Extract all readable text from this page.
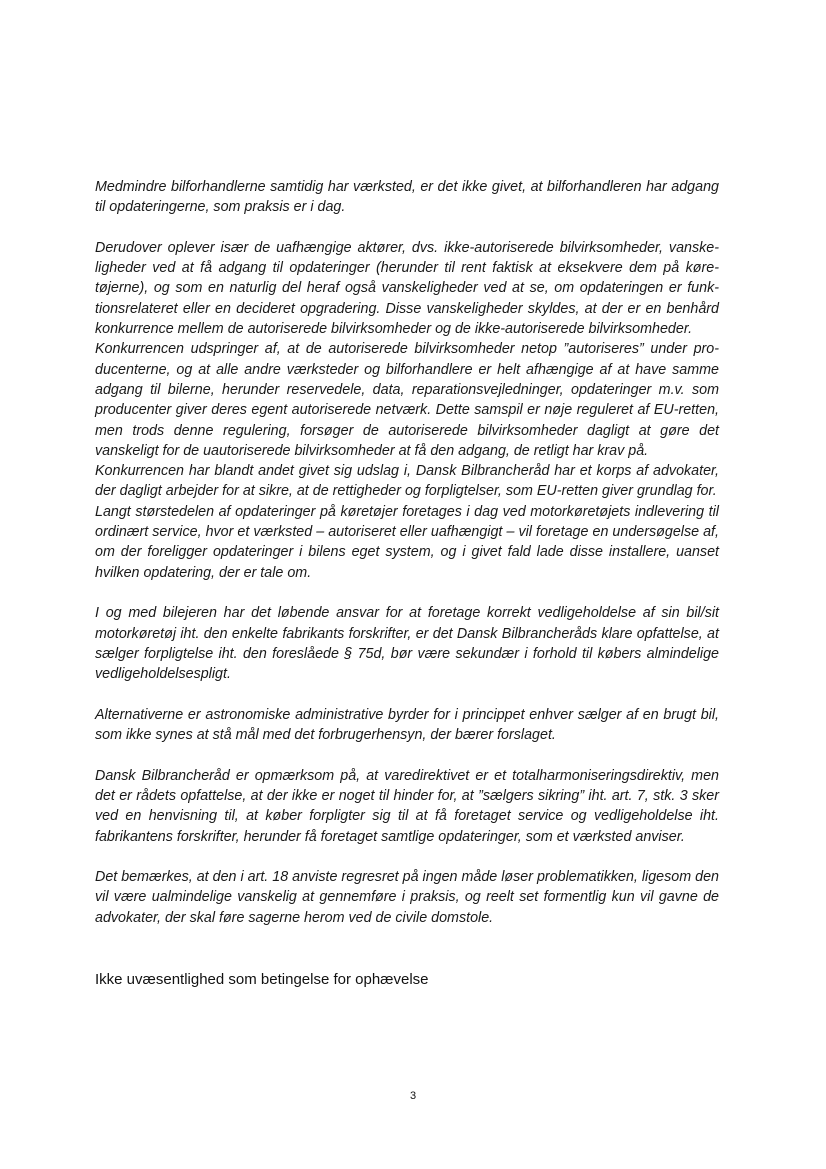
Medmindre bilforhandlerne samtidig har værksted, er det ikke givet, at bilforhandleren har adgang til opdateringerne, som praksis er i dag.

Derudover oplever især de uafhængige aktører, dvs. ikke-autoriserede bilvirksomheder, vanskeligheder ved at få adgang til opdateringer (herunder til rent faktisk at eksekvere dem på køretøjerne), og som en naturlig del heraf også vanskeligheder ved at se, om opdateringen er funktionsrelateret eller en decideret opgradering. Disse vanskeligheder skyldes, at der er en benhård konkurrence mellem de autoriserede bilvirksomheder og de ikke-autoriserede bilvirksomheder.

Konkurrencen udspringer af, at de autoriserede bilvirksomheder netop ”autoriseres” under producenterne, og at alle andre værksteder og bilforhandlere er helt afhængige af at have samme adgang til bilerne, herunder reservedele, data, reparationsvejledninger, opdateringer m.v. som producenter giver deres egent autoriserede netværk. Dette samspil er nøje reguleret af EU-retten, men trods denne regulering, forsøger de autoriserede bilvirksomheder dagligt at gøre det vanskeligt for de uautoriserede bilvirksomheder at få den adgang, de retligt har krav på.

Konkurrencen har blandt andet givet sig udslag i, Dansk Bilbrancheråd har et korps af advokater, der dagligt arbejder for at sikre, at de rettigheder og forpligtelser, som EU-retten giver grundlag for.

Langt størstedelen af opdateringer på køretøjer foretages i dag ved motorkøretøjets indlevering til ordinært service, hvor et værksted – autoriseret eller uafhængigt – vil foretage en undersøgelse af, om der foreligger opdateringer i bilens eget system, og i givet fald lade disse installere, uanset hvilken opdatering, der er tale om.

I og med bilejeren har det løbende ansvar for at foretage korrekt vedligeholdelse af sin bil/sit motorkøretøj iht. den enkelte fabrikants forskrifter, er det Dansk Bilbrancheråds klare opfattelse, at sælger forpligtelse iht. den foreslåede § 75d, bør være sekundær i forhold til købers almindelige vedligeholdelsespligt.

Alternativerne er astronomiske administrative byrder for i princippet enhver sælger af en brugt bil, som ikke synes at stå mål med det forbrugerhensyn, der bærer forslaget.

Dansk Bilbrancheråd er opmærksom på, at varedirektivet er et totalharmoniseringsdirektiv, men det er rådets opfattelse, at der ikke er noget til hinder for, at ”sælgers sikring” iht. art. 7, stk. 3 sker ved en henvisning til, at køber forpligter sig til at få foretaget service og vedligeholdelse iht. fabrikantens forskrifter, herunder få foretaget samtlige opdateringer, som et værksted anviser.

Det bemærkes, at den i art. 18 anviste regresret på ingen måde løser problematikken, ligesom den vil være ualmindelige vanskelig at gennemføre i praksis, og reelt set formentlig kun vil gavne de advokater, der skal føre sagerne herom ved de civile domstole.

Ikke uvæsentlighed som betingelse for ophævelse
3
